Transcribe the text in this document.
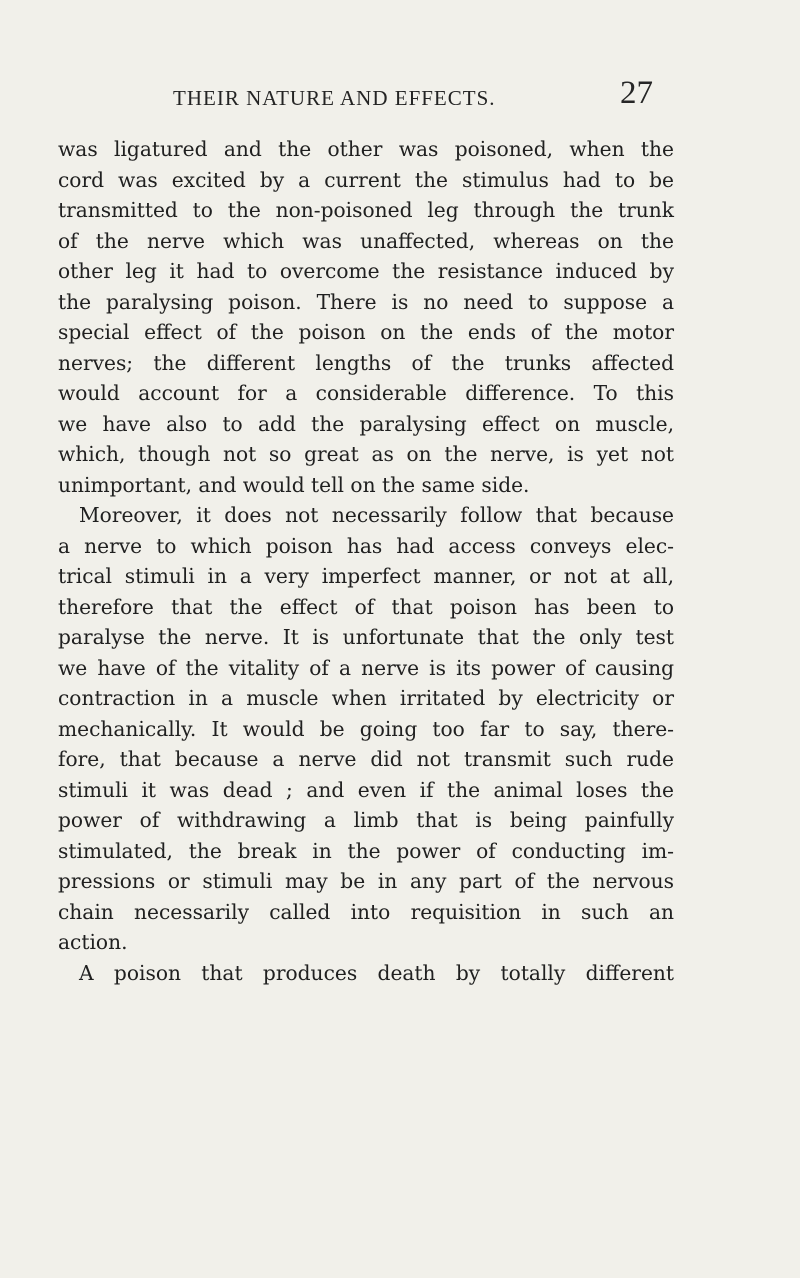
THEIR NATURE AND EFFECTS.	27
was ligatured and the other was poisoned, when the
cord was excited by a current the stimulus had to be
transmitted to the non-poisoned leg through the trunk
of the nerve which was unaffected, whereas on the
other leg it had to overcome the resistance induced by
the paralysing poison. There is no need to suppose a
special effect of the poison on the ends of the motor
nerves; the different lengths of the trunks affected
would account for a considerable difference. To this
we have also to add the paralysing effect on muscle,
which, though not so great as on the nerve, is yet not
unimportant, and would tell on the same side.
Moreover, it does not necessarily follow that because
a nerve to which poison has had access conveys elec-
trical stimuli in a very imperfect manner, or not at all,
therefore that the effect of that poison has been to
paralyse the nerve. It is unfortunate that the only test
we have of the vitality of a nerve is its power of causing
contraction in a muscle when irritated by electricity or
mechanically. It would be going too far to say, there-
fore, that because a nerve did not transmit such rude
stimuli it was dead ; and even if the animal loses the
power of withdrawing a limb that is being painfully
stimulated, the break in the power of conducting im-
pressions or stimuli may be in any part of the nervous
chain necessarily called into requisition in such an
action.
A poison that produces death by totally different
